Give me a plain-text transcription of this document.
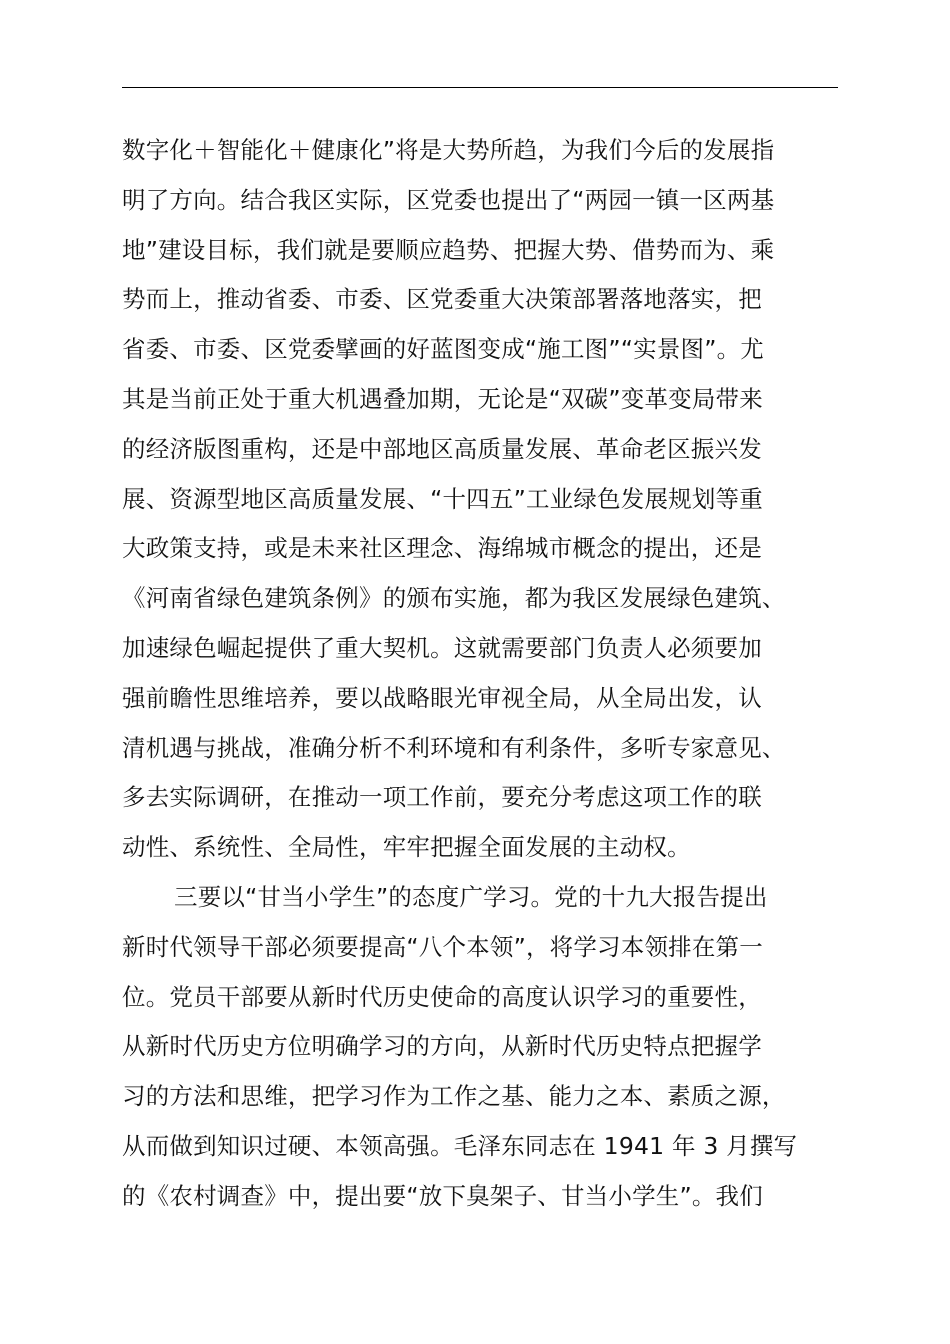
数字化＋智能化＋健康化”将是大势所趋，为我们今后的发展指
明了方向。结合我区实际，区党委也提出了“两园一镇一区两基
地”建设目标，我们就是要顺应趋势、把握大势、借势而为、乘
势而上，推动省委、市委、区党委重大决策部署落地落实，把
省委、市委、区党委擘画的好蓝图变成“施工图”“实景图”。尤
其是当前正处于重大机遇叠加期，无论是“双碳”变革变局带来
的经济版图重构，还是中部地区高质量发展、革命老区振兴发
展、资源型地区高质量发展、“十四五”工业绿色发展规划等重
大政策支持，或是未来社区理念、海绵城市概念的提出，还是
《河南省绿色建筑条例》的颁布实施，都为我区发展绿色建筑、
加速绿色崛起提供了重大契机。这就需要部门负责人必须要加
强前瞻性思维培养，要以战略眼光审视全局，从全局出发，认
清机遇与挑战，准确分析不利环境和有利条件，多听专家意见、
多去实际调研，在推动一项工作前，要充分考虑这项工作的联
动性、系统性、全局性，牢牢把握全面发展的主动权。
三要以“甘当小学生”的态度广学习。党的十九大报告提出
新时代领导干部必须要提高“八个本领”，将学习本领排在第一
位。党员干部要从新时代历史使命的高度认识学习的重要性，
从新时代历史方位明确学习的方向，从新时代历史特点把握学
习的方法和思维，把学习作为工作之基、能力之本、素质之源，
从而做到知识过硬、本领高强。毛泽东同志在 1941 年 3 月撰写
的《农村调查》中，提出要“放下臭架子、甘当小学生”。我们
